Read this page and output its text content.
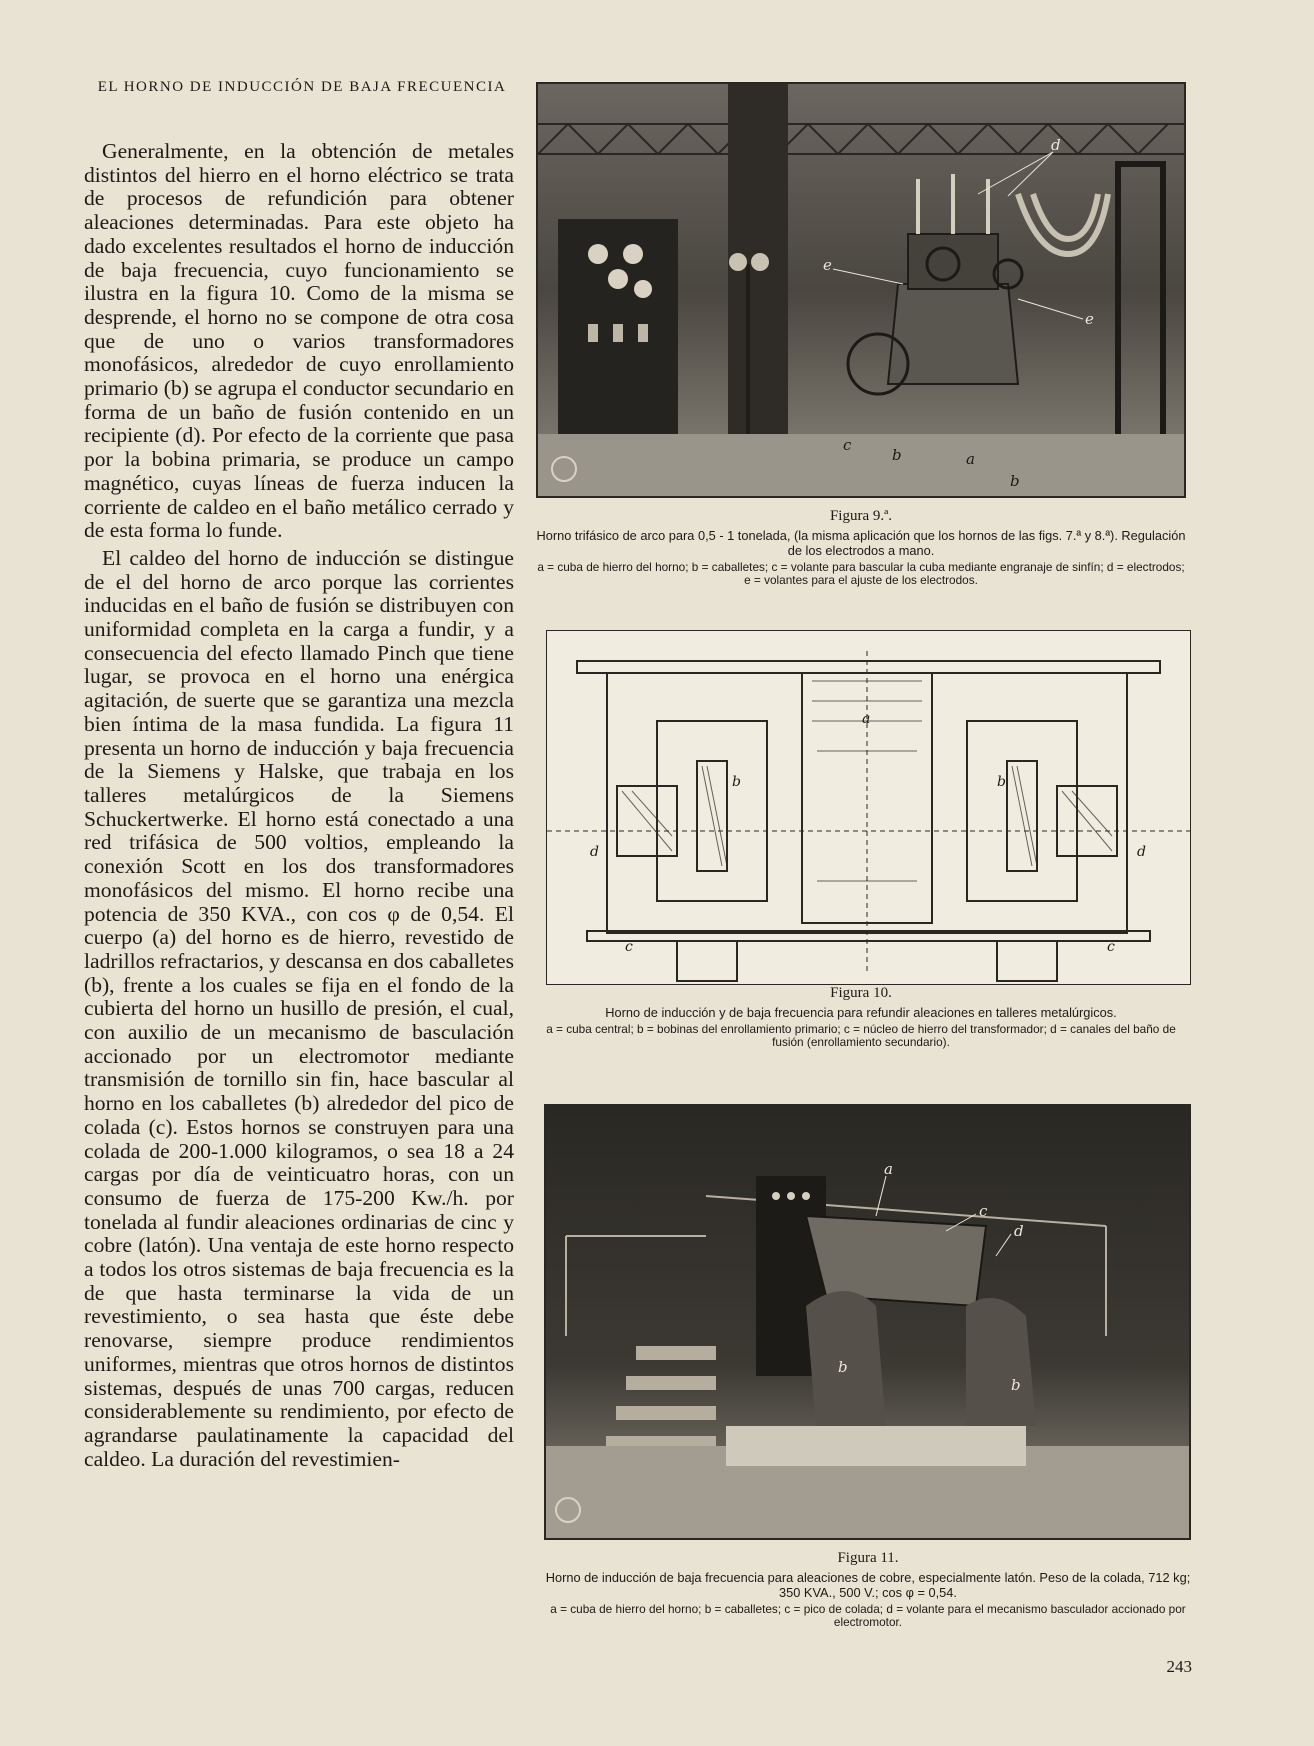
EL HORNO DE INDUCCIÓN DE BAJA FRECUENCIA

Generalmente, en la obtención de metales distintos del hierro en el horno eléctrico se trata de procesos de refundición para obtener aleaciones determinadas. Para este objeto ha dado excelentes resultados el horno de inducción de baja frecuencia, cuyo funcionamiento se ilustra en la figura 10. Como de la misma se desprende, el horno no se compone de otra cosa que de uno o varios transformadores monofásicos, alrededor de cuyo enrollamiento primario (b) se agrupa el conductor secundario en forma de un baño de fusión contenido en un recipiente (d). Por efecto de la corriente que pasa por la bobina primaria, se produce un campo magnético, cuyas líneas de fuerza inducen la corriente de caldeo en el baño metálico cerrado y de esta forma lo funde.

El caldeo del horno de inducción se distingue de el del horno de arco porque las corrientes inducidas en el baño de fusión se distribuyen con uniformidad completa en la carga a fundir, y a consecuencia del efecto llamado Pinch que tiene lugar, se provoca en el horno una enérgica agitación, de suerte que se garantiza una mezcla bien íntima de la masa fundida. La figura 11 presenta un horno de inducción y baja frecuencia de la Siemens y Halske, que trabaja en los talleres metalúrgicos de la Siemens Schuckertwerke. El horno está conectado a una red trifásica de 500 voltios, empleando la conexión Scott en los dos transformadores monofásicos del mismo. El horno recibe una potencia de 350 KVA., con cos φ de 0,54. El cuerpo (a) del horno es de hierro, revestido de ladrillos refractarios, y descansa en dos caballetes (b), frente a los cuales se fija en el fondo de la cubierta del horno un husillo de presión, el cual, con auxilio de un mecanismo de basculación accionado por un electromotor mediante transmisión de tornillo sin fin, hace bascular al horno en los caballetes (b) alrededor del pico de colada (c). Estos hornos se construyen para una colada de 200-1.000 kilogramos, o sea 18 a 24 cargas por día de veinticuatro horas, con un consumo de fuerza de 175-200 Kw./h. por tonelada al fundir aleaciones ordinarias de cinc y cobre (latón). Una ventaja de este horno respecto a todos los otros sistemas de baja frecuencia es la de que hasta terminarse la vida de un revestimiento, o sea hasta que éste debe renovarse, siempre produce rendimientos uniformes, mientras que otros hornos de distintos sistemas, después de unas 700 cargas, reducen considerablemente su rendimiento, por efecto de agrandarse paulatinamente la capacidad del caldeo. La duración del revestimien-

d
e
e
c
b	a
b

Figura 9.ª.

Horno trifásico de arco para 0,5 - 1 tonelada, (la misma aplicación que los hornos de las figs. 7.ª y 8.ª). Regulación de los electrodos a mano.

a = cuba de hierro del horno; b = caballetes; c = volante para bascular la cuba mediante engranaje de sinfín; d = electrodos; e = volantes para el ajuste de los electrodos.

a
b	b
d	d
c	c

Figura 10.

Horno de inducción y de baja frecuencia para refundir aleaciones en talleres metalúrgicos.

a = cuba central; b = bobinas del enrollamiento primario; c = núcleo de hierro del transformador; d = canales del baño de fusión (enrollamiento secundario).

a
c
d
b
b

Figura 11.

Horno de inducción de baja frecuencia para aleaciones de cobre, especialmente latón. Peso de la colada, 712 kg; 350 KVA., 500 V.; cos φ = 0,54.

a = cuba de hierro del horno; b = caballetes; c = pico de colada; d = volante para el mecanismo basculador accionado por electromotor.

243
